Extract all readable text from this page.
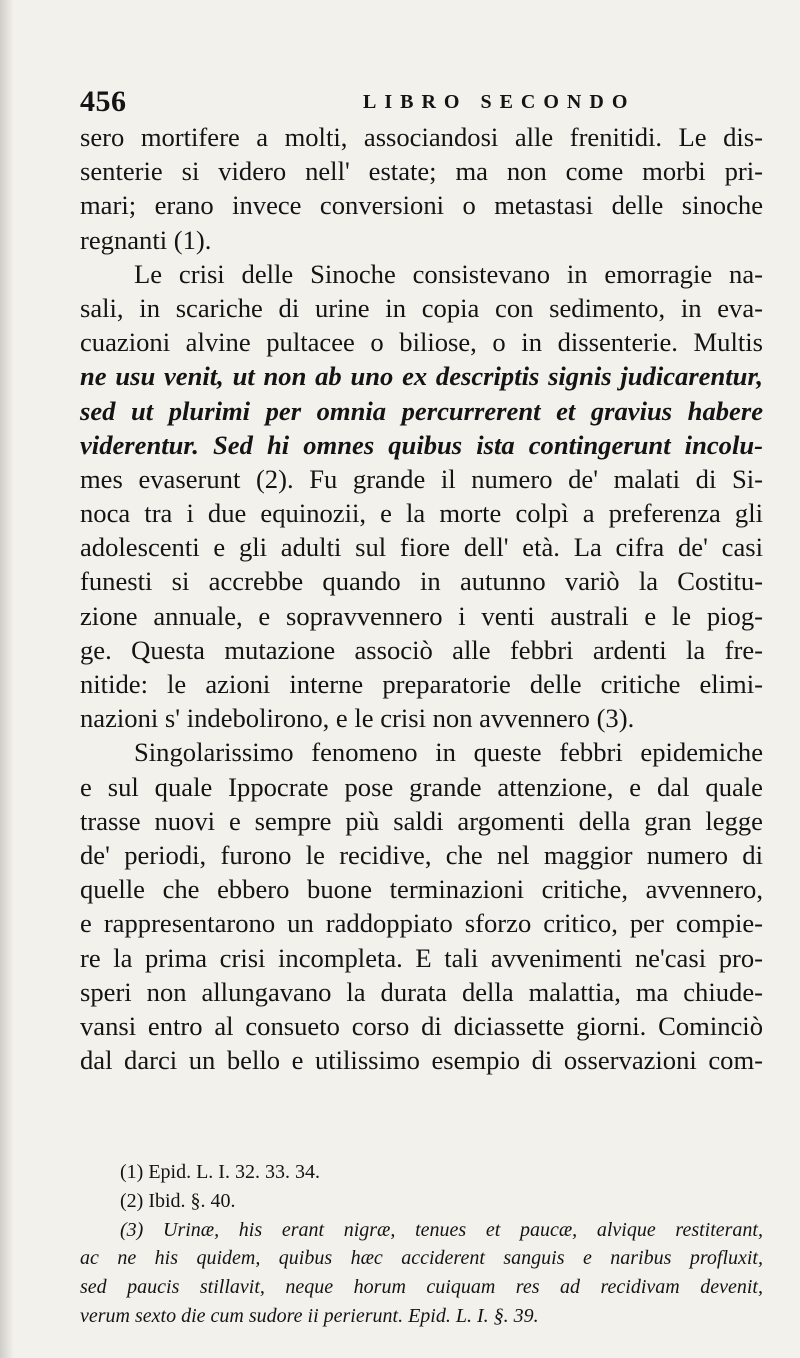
456	LIBRO SECONDO
sero mortifere a molti, associandosi alle frenitidi. Le dis-
senterie si videro nell' estate; ma non come morbi pri-
mari; erano invece conversioni o metastasi delle sinoche
regnanti (1).
Le crisi delle Sinoche consistevano in emorragie na-
sali, in scariche di urine in copia con sedimento, in eva-
cuazioni alvine pultacee o biliose, o in dissenterie. Multis
ne usu venit, ut non ab uno ex descriptis signis judicarentur,
sed ut plurimi per omnia percurrerent et gravius habere
viderentur. Sed hi omnes quibus ista contingerunt incolu-
mes evaserunt (2). Fu grande il numero de' malati di Si-
noca tra i due equinozii, e la morte colpì a preferenza gli
adolescenti e gli adulti sul fiore dell' età. La cifra de' casi
funesti si accrebbe quando in autunno variò la Costitu-
zione annuale, e sopravvennero i venti australi e le piog-
ge. Questa mutazione associò alle febbri ardenti la fre-
nitide: le azioni interne preparatorie delle critiche elimi-
nazioni s' indebolirono, e le crisi non avvennero (3).
Singolarissimo fenomeno in queste febbri epidemiche
e sul quale Ippocrate pose grande attenzione, e dal quale
trasse nuovi e sempre più saldi argomenti della gran legge
de' periodi, furono le recidive, che nel maggior numero di
quelle che ebbero buone terminazioni critiche, avvennero,
e rappresentarono un raddoppiato sforzo critico, per compie-
re la prima crisi incompleta. E tali avvenimenti ne'casi pro-
speri non allungavano la durata della malattia, ma chiude-
vansi entro al consueto corso di diciassette giorni. Cominciò
dal darci un bello e utilissimo esempio di osservazioni com-
(1) Epid. L. I. 32. 33. 34.
(2) Ibid. §. 40.
(3) Urinæ, his erant nigræ, tenues et paucæ, alvique restiterant,
ac ne his quidem, quibus hæc acciderent sanguis e naribus profluxit,
sed paucis stillavit, neque horum cuiquam res ad recidivam devenit,
verum sexto die cum sudore ii perierunt. Epid. L. I. §. 39.
